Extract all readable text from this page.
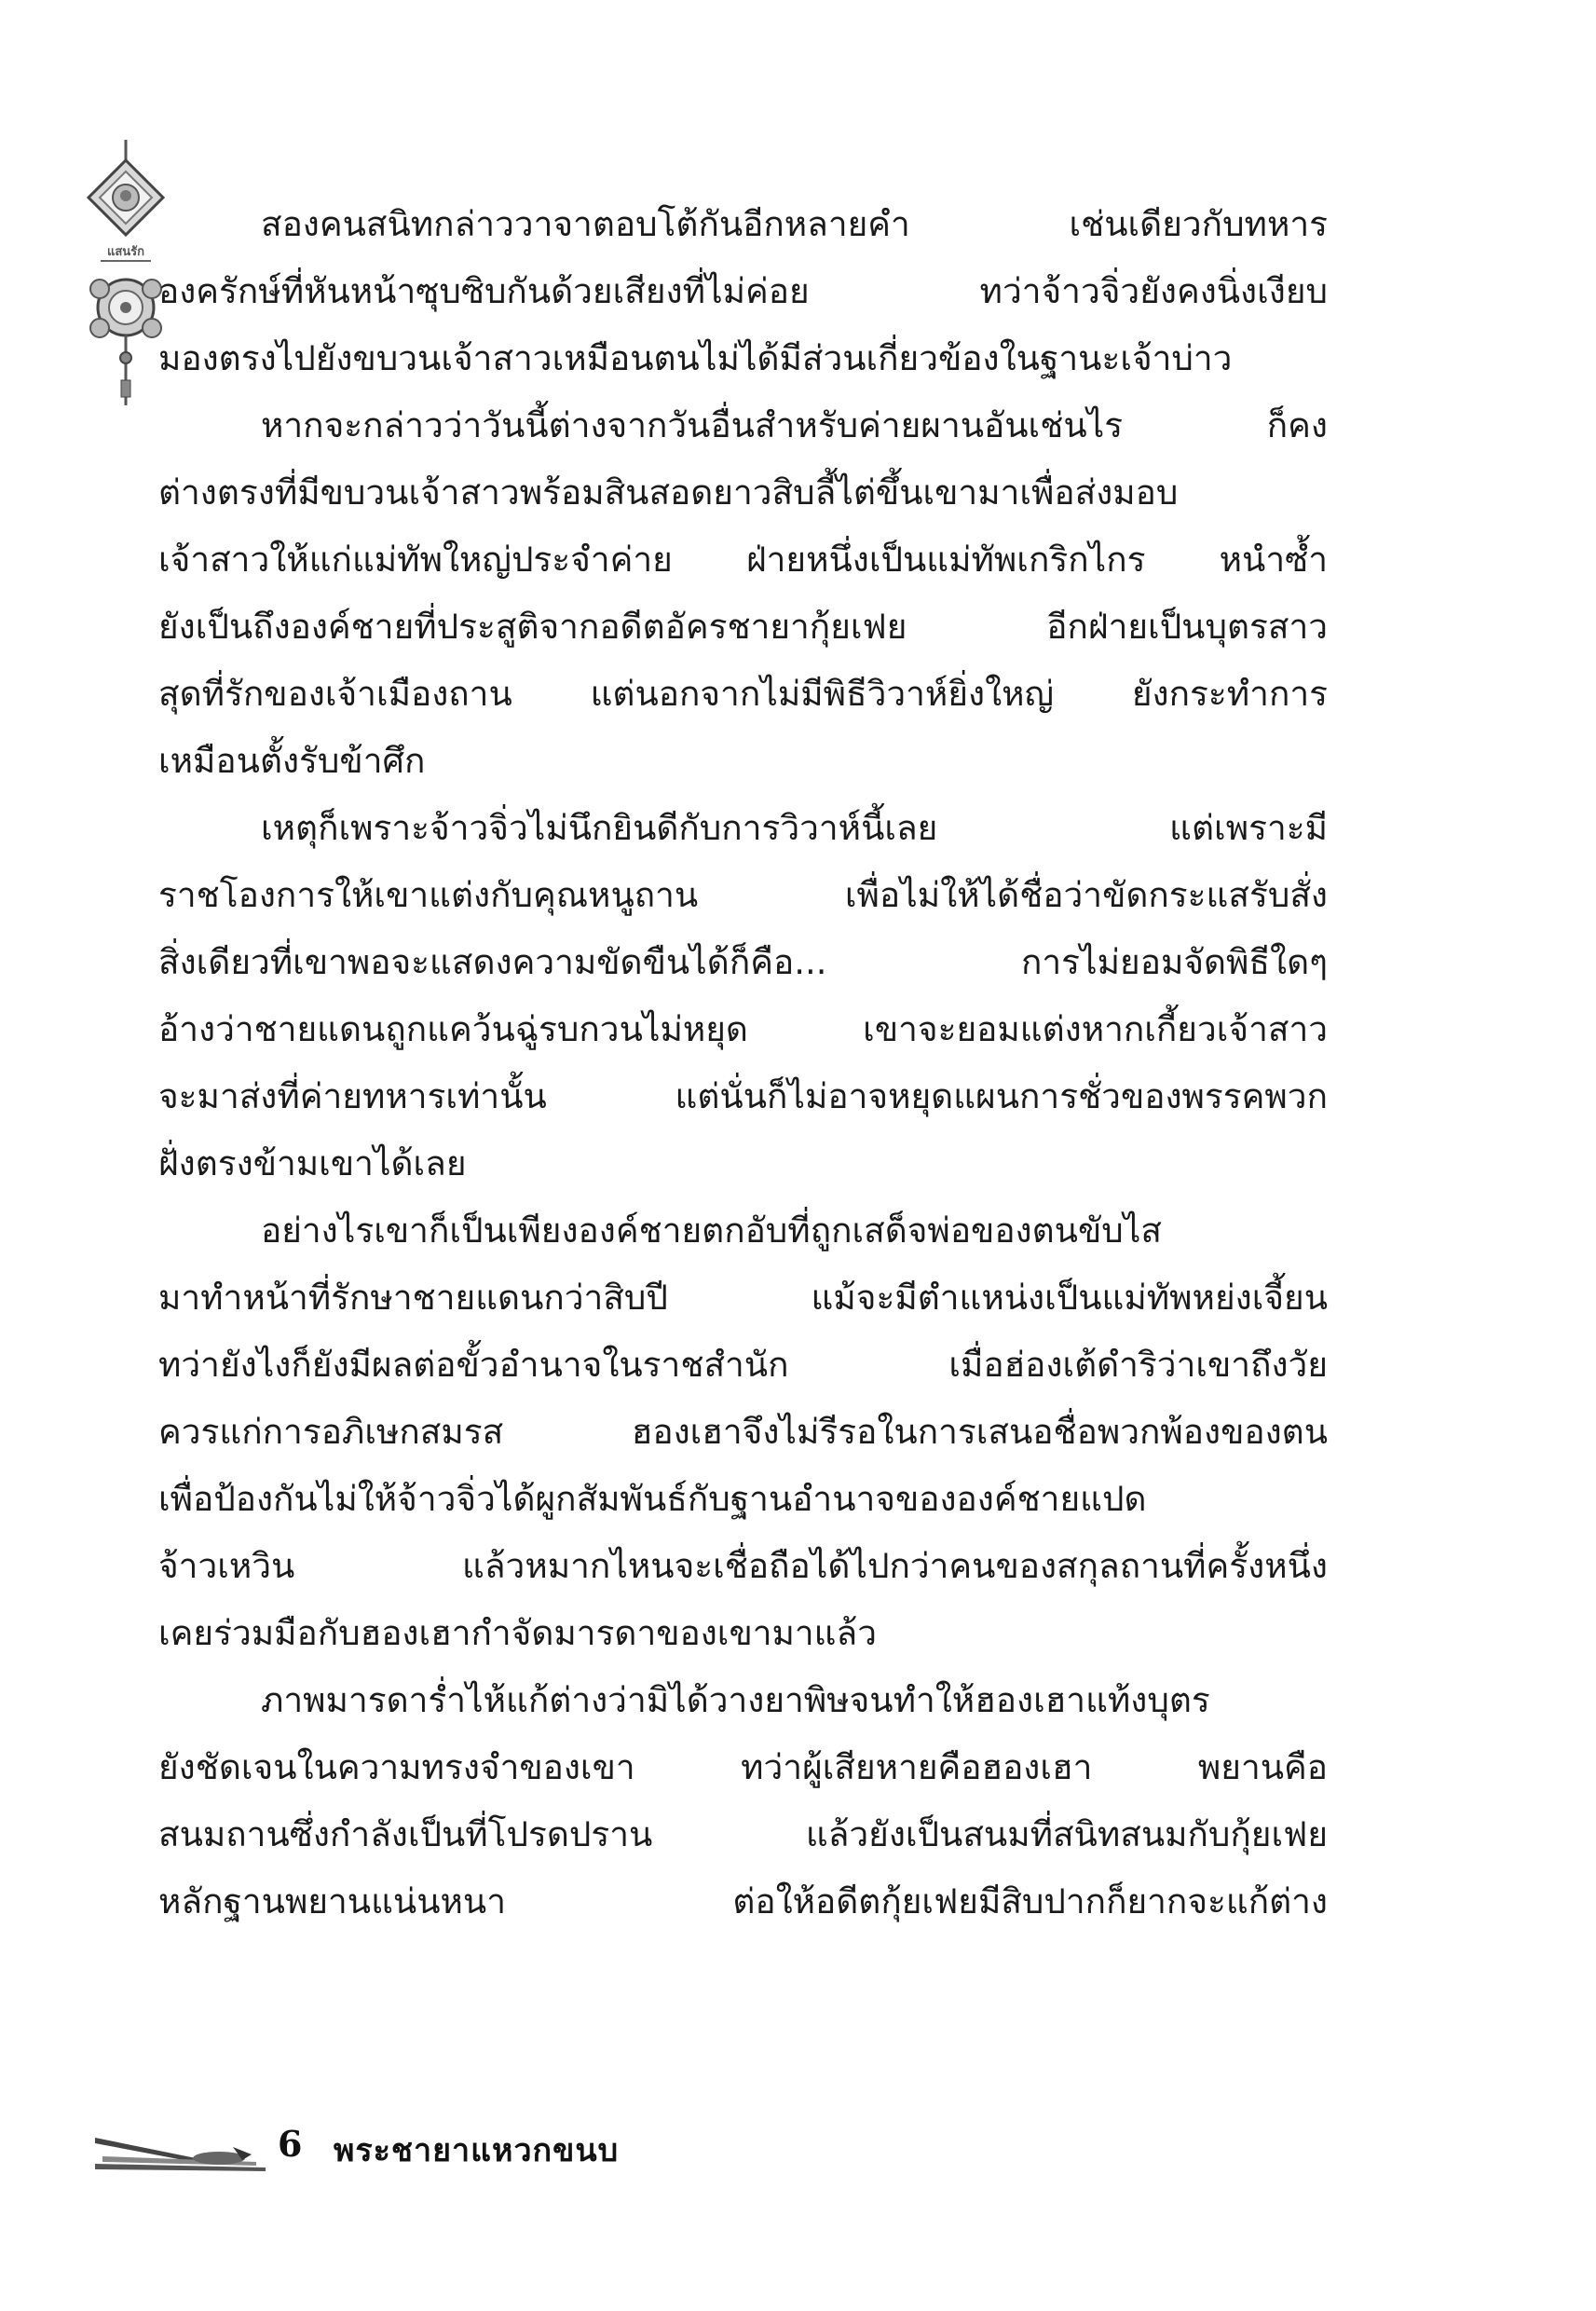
แสนรัก
สองคนสนิทกล่าววาจาตอบโต้กันอีกหลายคำ เช่นเดียวกับทหาร
องครักษ์ที่หันหน้าซุบซิบกันด้วยเสียงที่ไม่ค่อย ทว่าจ้าวจิ่วยังคงนิ่งเงียบ
มองตรงไปยังขบวนเจ้าสาวเหมือนตนไม่ได้มีส่วนเกี่ยวข้องในฐานะเจ้าบ่าว
หากจะกล่าวว่าวันนี้ต่างจากวันอื่นสำหรับค่ายผานอันเช่นไร ก็คง
ต่างตรงที่มีขบวนเจ้าสาวพร้อมสินสอดยาวสิบลี้ไต่ขึ้นเขามาเพื่อส่งมอบ
เจ้าสาวให้แก่แม่ทัพใหญ่ประจำค่าย ฝ่ายหนึ่งเป็นแม่ทัพเกริกไกร หนำซ้ำ
ยังเป็นถึงองค์ชายที่ประสูติจากอดีตอัครชายากุ้ยเฟย อีกฝ่ายเป็นบุตรสาว
สุดที่รักของเจ้าเมืองถาน แต่นอกจากไม่มีพิธีวิวาห์ยิ่งใหญ่ ยังกระทำการ
เหมือนตั้งรับข้าศึก
เหตุก็เพราะจ้าวจิ่วไม่นึกยินดีกับการวิวาห์นี้เลย แต่เพราะมี
ราชโองการให้เขาแต่งกับคุณหนูถาน เพื่อไม่ให้ได้ชื่อว่าขัดกระแสรับสั่ง
สิ่งเดียวที่เขาพอจะแสดงความขัดขืนได้ก็คือ... การไม่ยอมจัดพิธีใดๆ
อ้างว่าชายแดนถูกแคว้นฉู่รบกวนไม่หยุด เขาจะยอมแต่งหากเกี้ยวเจ้าสาว
จะมาส่งที่ค่ายทหารเท่านั้น แต่นั่นก็ไม่อาจหยุดแผนการชั่วของพรรคพวก
ฝั่งตรงข้ามเขาได้เลย
อย่างไรเขาก็เป็นเพียงองค์ชายตกอับที่ถูกเสด็จพ่อของตนขับไส
มาทำหน้าที่รักษาชายแดนกว่าสิบปี แม้จะมีตำแหน่งเป็นแม่ทัพหย่งเจี้ยน
ทว่ายังไงก็ยังมีผลต่อขั้วอำนาจในราชสำนัก เมื่อฮ่องเต้ดำริว่าเขาถึงวัย
ควรแก่การอภิเษกสมรส ฮองเฮาจึงไม่รีรอในการเสนอชื่อพวกพ้องของตน
เพื่อป้องกันไม่ให้จ้าวจิ่วได้ผูกสัมพันธ์กับฐานอำนาจขององค์ชายแปด
จ้าวเหวิน แล้วหมากไหนจะเชื่อถือได้ไปกว่าคนของสกุลถานที่ครั้งหนึ่ง
เคยร่วมมือกับฮองเฮากำจัดมารดาของเขามาแล้ว
ภาพมารดาร่ำไห้แก้ต่างว่ามิได้วางยาพิษจนทำให้ฮองเฮาแท้งบุตร
ยังชัดเจนในความทรงจำของเขา ทว่าผู้เสียหายคือฮองเฮา พยานคือ
สนมถานซึ่งกำลังเป็นที่โปรดปราน แล้วยังเป็นสนมที่สนิทสนมกับกุ้ยเฟย
หลักฐานพยานแน่นหนา ต่อให้อดีตกุ้ยเฟยมีสิบปากก็ยากจะแก้ต่าง
6 พระชายาแหวกขนบ
